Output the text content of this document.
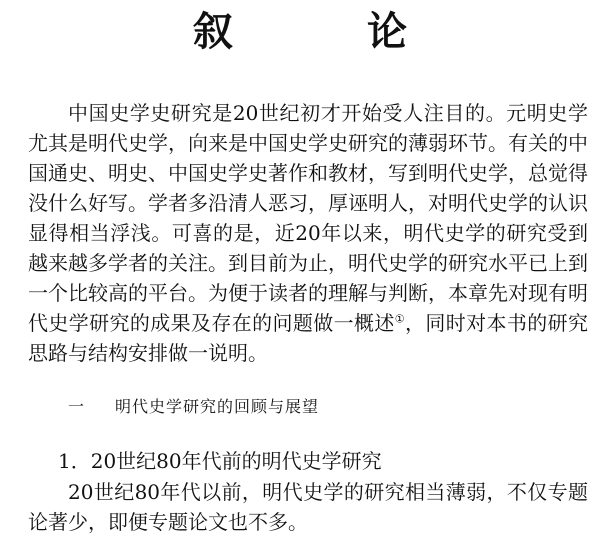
叙 论

中国史学史研究是20世纪初才开始受人注目的。元明史学尤其是明代史学，向来是中国史学史研究的薄弱环节。有关的中国通史、明史、中国史学史著作和教材，写到明代史学，总觉得没什么好写。学者多沿清人恶习，厚诬明人，对明代史学的认识显得相当浮浅。可喜的是，近20年以来，明代史学的研究受到越来越多学者的关注。到目前为止，明代史学的研究水平已上到一个比较高的平台。为便于读者的理解与判断，本章先对现有明代史学研究的成果及存在的问题做一概述①，同时对本书的研究思路与结构安排做一说明。

一 明代史学研究的回顾与展望
1．20世纪80年代前的明代史学研究

20世纪80年代以前，明代史学的研究相当薄弱，不仅专题论著少，即便专题论文也不多。
